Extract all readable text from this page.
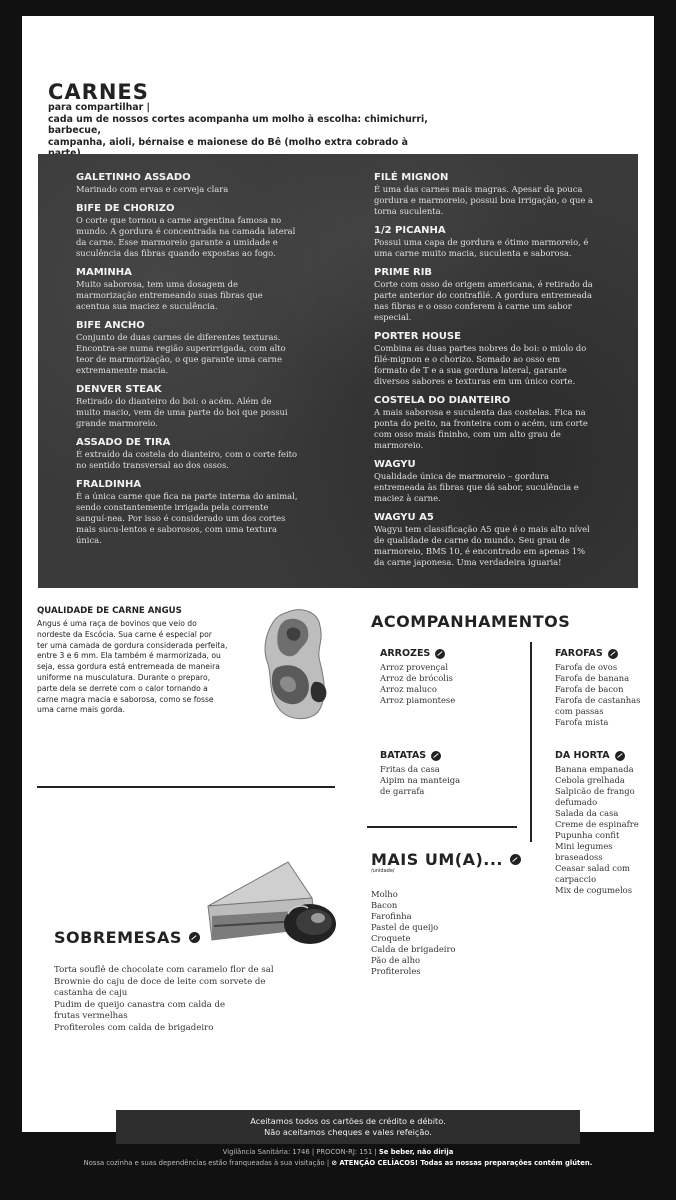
CARNES
para compartilhar |
cada um de nossos cortes acompanha um molho à escolha: chimichurri, barbecue,
campanha, aioli, bérnaise e maionese do Bê (molho extra cobrado à
GALETINHO ASSADO
Marinado com ervas e cerveja clara
BIFE DE CHORIZO
O corte que tornou a carne argentina famosa no mundo. A gordura é concentrada na camada lateral da carne. Esse marmoreio garante a umidade e suculência das fibras quando expostas ao fogo.
MAMINHA
Muito saborosa, tem uma dosagem de marmorização entremeando suas fibras que acentua sua maciez e suculência.
BIFE ANCHO
Conjunto de duas carnes de diferentes texturas. Encontra-se numa região superirrigada, com alto teor de marmorização, o que garante uma carne extremamente macia.
DENVER STEAK
Retirado do dianteiro do boi: o acém. Além de muito macio, vem de uma parte do boi que possui grande marmoreio.
ASSADO DE TIRA
É extraído da costela do dianteiro, com o corte feito no sentido transversal ao dos ossos.
FRALDINHA
É a única carne que fica na parte interna do animal, sendo constantemente irrigada pela corrente sanguí-nea. Por isso é considerado um dos cortes mais sucu-lentos e saborosos, com uma textura única.
FILÉ MIGNON
É uma das carnes mais magras. Apesar da pouca gordura e marmoreio, possui boa irrigação, o que a torna suculenta.
1/2 PICANHA
Possui uma capa de gordura e ótimo marmoreio, é uma carne muito macia, suculenta e saborosa.
PRIME RIB
Corte com osso de origem americana, é retirado da parte anterior do contrafilé. A gordura entremeada nas fibras e o osso conferem à carne um sabor especial.
PORTER HOUSE
Combina as duas partes nobres do boi: o miolo do filé-mignon e o chorizo. Somado ao osso em formato de T e a sua gordura lateral, garante diversos sabores e texturas em um único corte.
COSTELA DO DIANTEIRO
A mais saborosa e suculenta das costelas. Fica na ponta do peito, na fronteira com o acém, um corte com osso mais fininho, com um alto grau de marmoreio.
WAGYU
Qualidade única de marmoreio – gordura entremeada às fibras que dá sabor, suculência e maciez à carne.
WAGYU A5
Wagyu tem classificação A5 que é o mais alto nível de qualidade de carne do mundo. Seu grau de marmoreio, BMS 10, é encontrado em apenas 1% da carne japonesa. Uma verdadeira iguaria!
QUALIDADE DE CARNE ANGUS
Angus é uma raça de bovinos que veio do
nordeste da Escócia. Sua carne é especial por
ter uma camada de gordura considerada perfeita,
entre 3 e 6 mm. Ela também é marmorizada, ou
seja, essa gordura está entremeada de maneira
uniforme na musculatura. Durante o preparo,
parte dela se derrete com o calor tornando a
carne magra macia e saborosa, como se fosse
uma carne mais gorda.
ACOMPANHAMENTOS
ARROZES
Arroz provençal
Arroz de brócolis
Arroz maluco
Arroz piamontese
BATATAS
Fritas da casa
Aipim na manteiga
de garrafa
FAROFAS
Farofa de ovos
Farofa de banana
Farofa de bacon
Farofa de castanhas
com passas
Farofa mista
DA HORTA
Banana empanada
Cebola grelhada
Salpicão de frango
defumado
Salada da casa
Creme de espinafre
Pupunha confit
Mini legumes
braseadoss
Ceasar salad com
carpaccio
Mix de cogumelos
MAIS UM(A)...
/unidade/
Molho
Bacon
Farofinha
Pastel de queijo
Croquete
Calda de brigadeiro
Pão de alho
Profiteroles
SOBREMESAS
Torta souflê de chocolate com caramelo flor de sal
Brownie do caju de doce de leite com sorvete de
castanha de caju
Pudim de queijo canastra com calda de
frutas vermelhas
Profiteroles com calda de brigadeiro
Aceitamos todos os cartões de crédito e débito.
Não aceitamos cheques e vales refeição.
Vigilância Sanitária: 1746 | PROCON-RJ: 151 | Se beber, não dirija
Nossa cozinha e suas dependências estão franqueadas à sua visitação | ⊘ ATENÇÃO CELÍACOS! Todas as nossas preparações contém glúten.
